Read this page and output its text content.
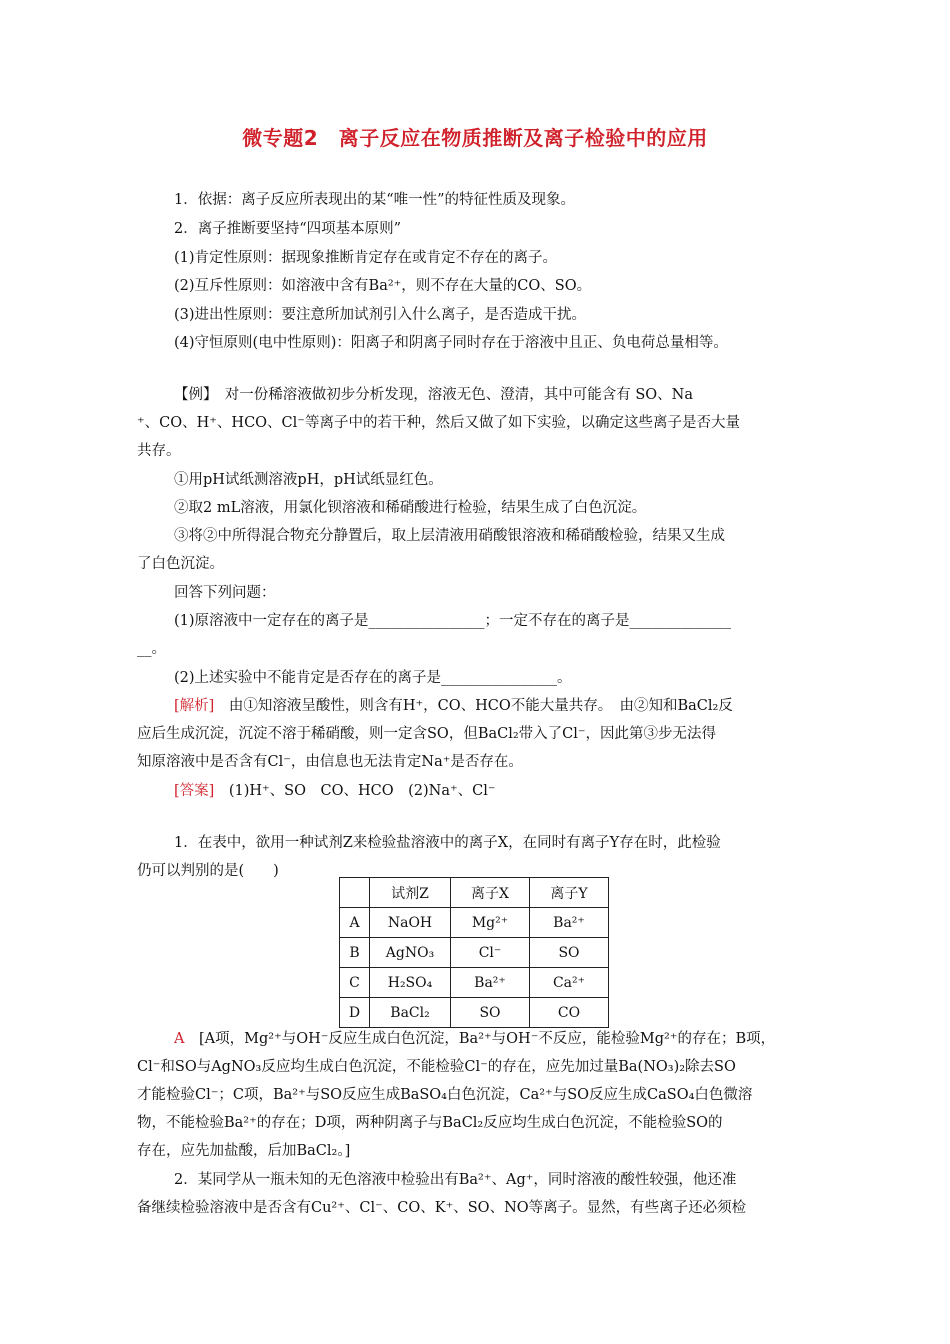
微专题2　离子反应在物质推断及离子检验中的应用
1．依据：离子反应所表现出的某“唯一性”的特征性质及现象。
2．离子推断要坚持“四项基本原则”
(1)肯定性原则：据现象推断肯定存在或肯定不存在的离子。
(2)互斥性原则：如溶液中含有Ba²⁺，则不存在大量的CO、SO。
(3)进出性原则：要注意所加试剂引入什么离子，是否造成干扰。
(4)守恒原则(电中性原则)：阳离子和阴离子同时存在于溶液中且正、负电荷总量相等。
【例】　 对一份稀溶液做初步分析发现，溶液无色、澄清，其中可能含有 SO、Na
⁺、CO、H⁺、HCO、Cl⁻等离子中的若干种，然后又做了如下实验，以确定这些离子是否大量
共存。
①用pH试纸测溶液pH，pH试纸显红色。
②取2 mL溶液，用氯化钡溶液和稀硝酸进行检验，结果生成了白色沉淀。
③将②中所得混合物充分静置后，取上层清液用硝酸银溶液和稀硝酸检验，结果又生成
了白色沉淀。
回答下列问题：
(1)原溶液中一定存在的离子是________________；一定不存在的离子是______________
__。
(2)上述实验中不能肯定是否存在的离子是________________。
[解析]　 由①知溶液呈酸性，则含有H⁺，CO、HCO不能大量共存。　由②知和BaCl₂反
应后生成沉淀，沉淀不溶于稀硝酸，则一定含SO，但BaCl₂带入了Cl⁻，因此第③步无法得
知原溶液中是否含有Cl⁻，由信息也无法肯定Na⁺是否存在。
[答案]　 (1)H⁺、SO　CO、HCO　(2)Na⁺、Cl⁻
1．在表中，欲用一种试剂Z来检验盐溶液中的离子X，在同时有离子Y存在时，此检验
仍可以判别的是(　　)
	试剂Z	离子X	离子Y
A	NaOH	Mg²⁺	Ba²⁺
B	AgNO₃	Cl⁻	SO
C	H₂SO₄	Ba²⁺	Ca²⁺
D	BaCl₂	SO	CO
A　 [A项，Mg²⁺与OH⁻反应生成白色沉淀，Ba²⁺与OH⁻不反应，能检验Mg²⁺的存在；B项，
Cl⁻和SO与AgNO₃反应均生成白色沉淀，不能检验Cl⁻的存在，应先加过量Ba(NO₃)₂除去SO
才能检验Cl⁻；C项，Ba²⁺与SO反应生成BaSO₄白色沉淀，Ca²⁺与SO反应生成CaSO₄白色微溶
物，不能检验Ba²⁺的存在；D项，两种阴离子与BaCl₂反应均生成白色沉淀，不能检验SO的
存在，应先加盐酸，后加BaCl₂。]
2．某同学从一瓶未知的无色溶液中检验出有Ba²⁺、Ag⁺，同时溶液的酸性较强，他还准
备继续检验溶液中是否含有Cu²⁺、Cl⁻、CO、K⁺、SO、NO等离子。显然，有些离子还必须检
